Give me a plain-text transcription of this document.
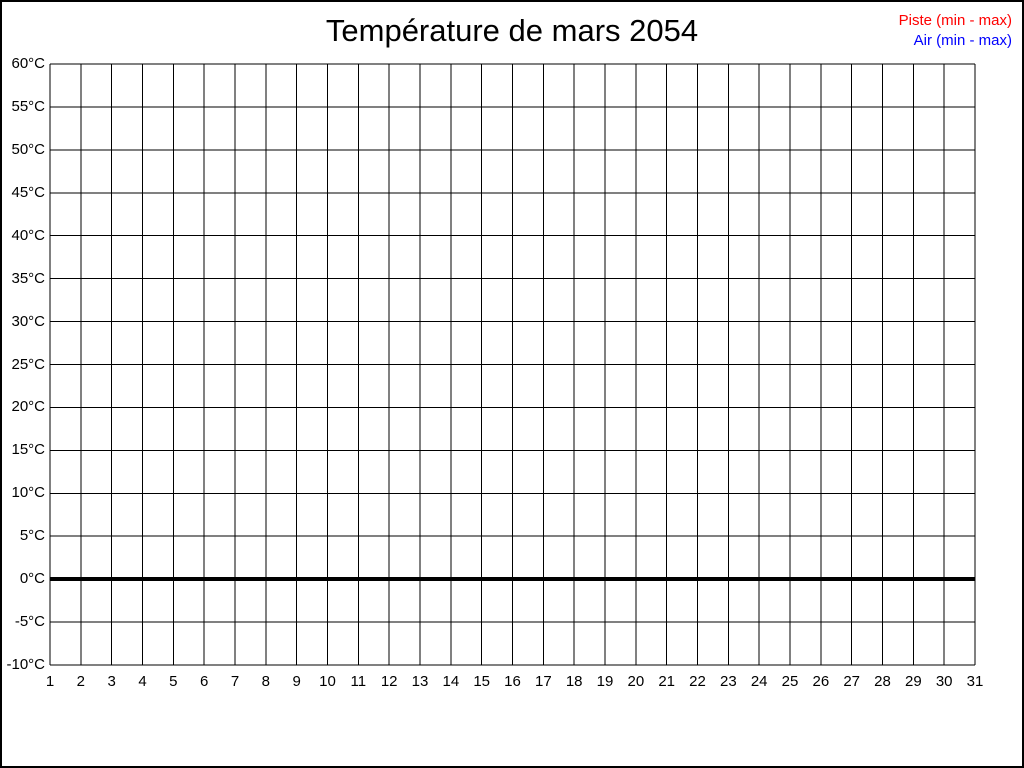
Température de mars 2054	Piste (min - max)
Air (min - max)
60°C
55°C
50°C
45°C
40°C
35°C
30°C
25°C
20°C
15°C
10°C
5°C
0°C
-5°C
-10°C
1	2	3	4	5	6	7	8	9	10 11 12 13 14 15 16 17 18 19 20 21 22 23 24 25 26 27 28 29 30 31
